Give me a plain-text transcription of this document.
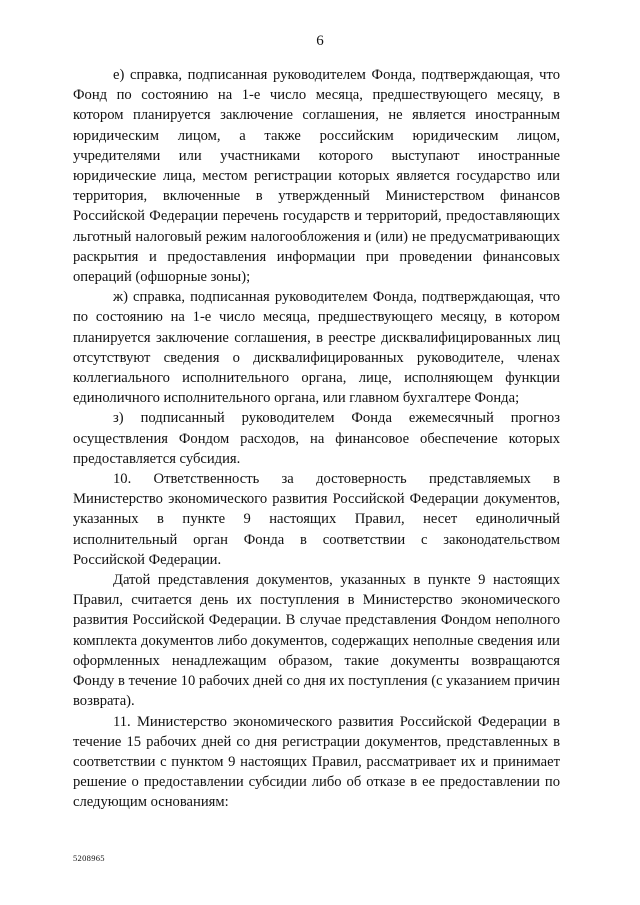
6

е) справка, подписанная руководителем Фонда, подтверждающая, что Фонд по состоянию на 1-е число месяца, предшествующего месяцу, в котором планируется заключение соглашения, не является иностранным юридическим лицом, а также российским юридическим лицом, учредителями или участниками которого выступают иностранные юридические лица, местом регистрации которых является государство или территория, включенные в утвержденный Министерством финансов Российской Федерации перечень государств и территорий, предоставляющих льготный налоговый режим налогообложения и (или) не предусматривающих раскрытия и предоставления информации при проведении финансовых операций (офшорные зоны);

ж) справка, подписанная руководителем Фонда, подтверждающая, что по состоянию на 1-е число месяца, предшествующего месяцу, в котором планируется заключение соглашения, в реестре дисквалифицированных лиц отсутствуют сведения о дисквалифицированных руководителе, членах коллегиального исполнительного органа, лице, исполняющем функции единоличного исполнительного органа, или главном бухгалтере Фонда;

з) подписанный руководителем Фонда ежемесячный прогноз осуществления Фондом расходов, на финансовое обеспечение которых предоставляется субсидия.

10. Ответственность за достоверность представляемых в Министерство экономического развития Российской Федерации документов, указанных в пункте 9 настоящих Правил, несет единоличный исполнительный орган Фонда в соответствии с законодательством Российской Федерации.

Датой представления документов, указанных в пункте 9 настоящих Правил, считается день их поступления в Министерство экономического развития Российской Федерации. В случае представления Фондом неполного комплекта документов либо документов, содержащих неполные сведения или оформленных ненадлежащим образом, такие документы возвращаются Фонду в течение 10 рабочих дней со дня их поступления (с указанием причин возврата).

11. Министерство экономического развития Российской Федерации в течение 15 рабочих дней со дня регистрации документов, представленных в соответствии с пунктом 9 настоящих Правил, рассматривает их и принимает решение о предоставлении субсидии либо об отказе в ее предоставлении по следующим основаниям:

5208965
